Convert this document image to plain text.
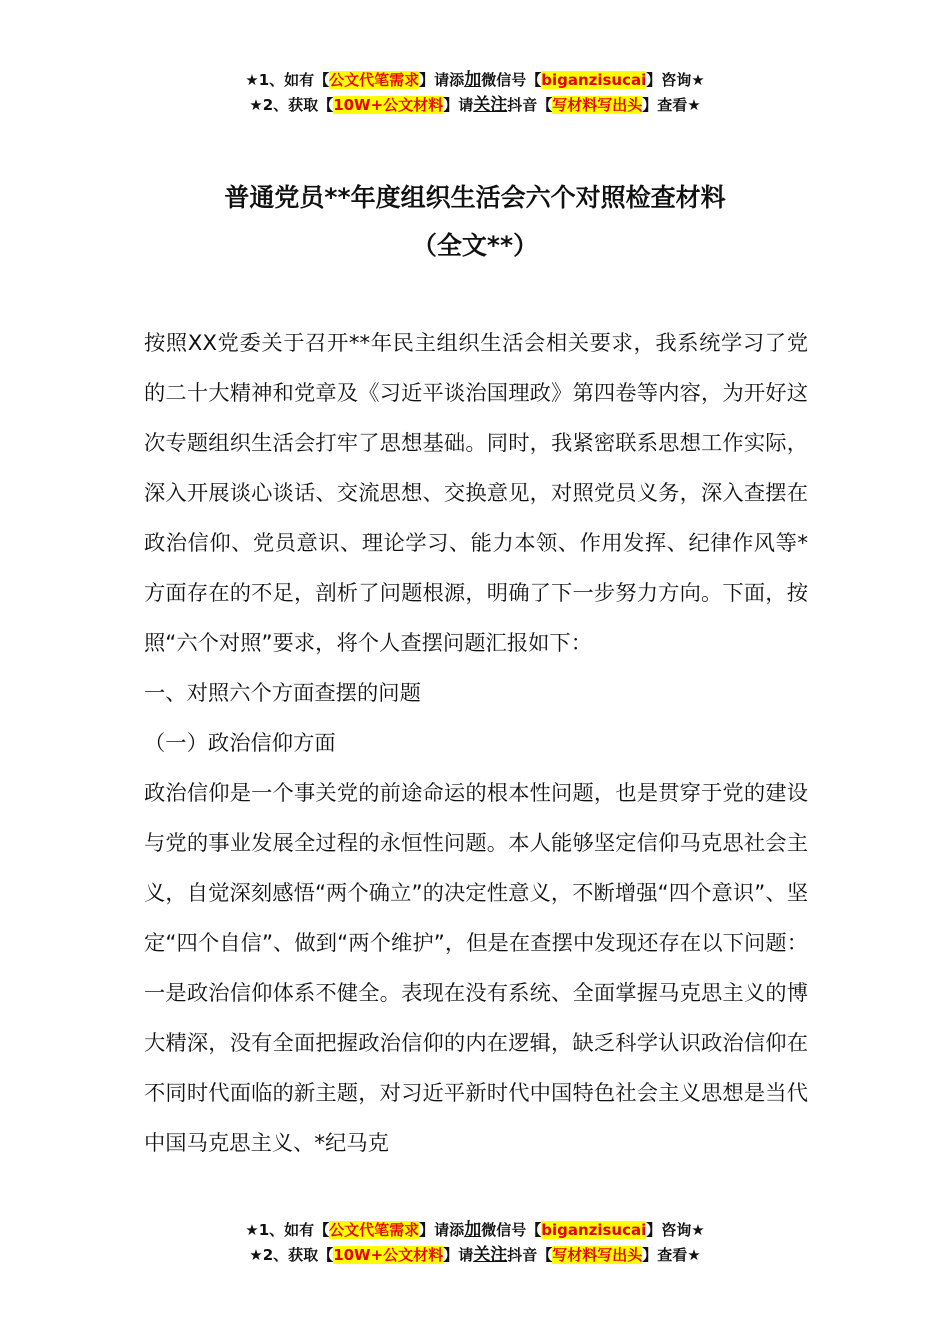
★1、如有【公文代笔需求】请添加微信号【biganzisucai】咨询★
★2、获取【10W+公文材料】请关注抖音【写材料写出头】查看★
普通党员**年度组织生活会六个对照检查材料
（全文**）

按照XX党委关于召开**年民主组织生活会相关要求，我系统学习了党的二十大精神和党章及《习近平谈治国理政》第四卷等内容，为开好这次专题组织生活会打牢了思想基础。同时，我紧密联系思想工作实际，深入开展谈心谈话、交流思想、交换意见，对照党员义务，深入查摆在政治信仰、党员意识、理论学习、能力本领、作用发挥、纪律作风等*方面存在的不足，剖析了问题根源，明确了下一步努力方向。下面，按照“六个对照”要求，将个人查摆问题汇报如下：

一、对照六个方面查摆的问题

（一）政治信仰方面

政治信仰是一个事关党的前途命运的根本性问题，也是贯穿于党的建设与党的事业发展全过程的永恒性问题。本人能够坚定信仰马克思社会主义，自觉深刻感悟“两个确立”的决定性意义，不断增强“四个意识”、坚定“四个自信”、做到“两个维护”，但是在查摆中发现还存在以下问题：一是政治信仰体系不健全。表现在没有系统、全面掌握马克思主义的博大精深，没有全面把握政治信仰的内在逻辑，缺乏科学认识政治信仰在不同时代面临的新主题，对习近平新时代中国特色社会主义思想是当代中国马克思主义、*纪马克

★1、如有【公文代笔需求】请添加微信号【biganzisucai】咨询★
★2、获取【10W+公文材料】请关注抖音【写材料写出头】查看★
